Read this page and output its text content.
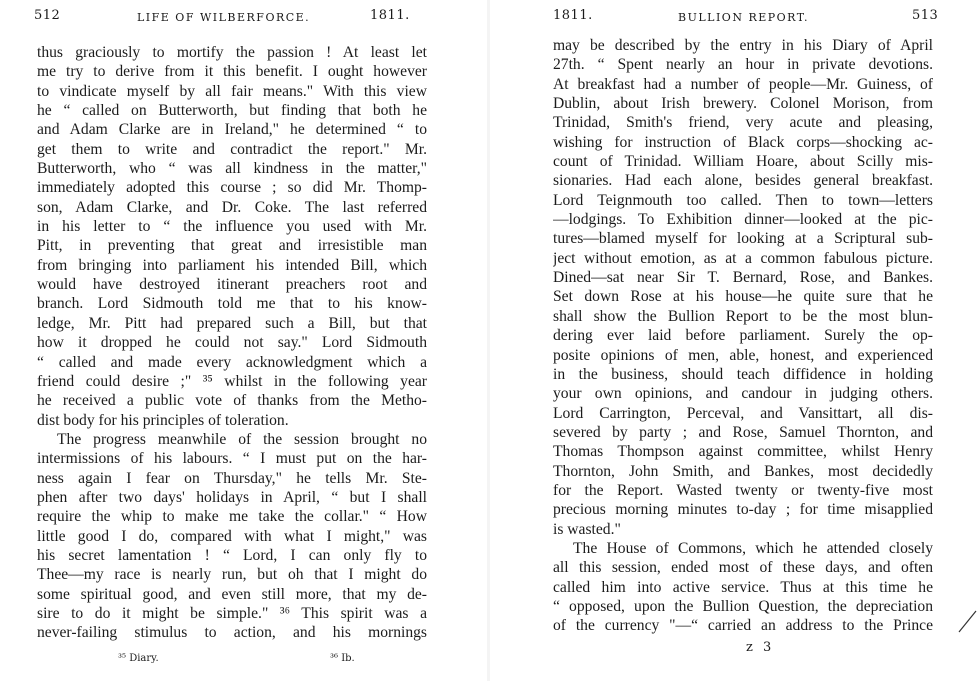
512	LIFE OF WILBERFORCE.	1811.
thus graciously to mortify the passion ! At least let
me try to derive from it this benefit. I ought however
to vindicate myself by all fair means." With this view
he “ called on Butterworth, but finding that both he
and Adam Clarke are in Ireland," he determined “ to
get them to write and contradict the report." Mr.
Butterworth, who “ was all kindness in the matter,"
immediately adopted this course ; so did Mr. Thomp-
son, Adam Clarke, and Dr. Coke. The last referred
in his letter to “ the influence you used with Mr.
Pitt, in preventing that great and irresistible man
from bringing into parliament his intended Bill, which
would have destroyed itinerant preachers root and
branch. Lord Sidmouth told me that to his know-
ledge, Mr. Pitt had prepared such a Bill, but that
how it dropped he could not say." Lord Sidmouth
“ called and made every acknowledgment which a
friend could desire ;" ³⁵ whilst in the following year
he received a public vote of thanks from the Metho-
dist body for his principles of toleration.
The progress meanwhile of the session brought no
intermissions of his labours. “ I must put on the har-
ness again I fear on Thursday," he tells Mr. Ste-
phen after two days' holidays in April, “ but I shall
require the whip to make me take the collar." “ How
little good I do, compared with what I might," was
his secret lamentation ! “ Lord, I can only fly to
Thee—my race is nearly run, but oh that I might do
some spiritual good, and even still more, that my de-
sire to do it might be simple." ³⁶ This spirit was a
never-failing stimulus to action, and his mornings
³⁵ Diary.	³⁶ Ib.
1811.	BULLION REPORT.	513
may be described by the entry in his Diary of April
27th. “ Spent nearly an hour in private devotions.
At breakfast had a number of people—Mr. Guiness, of
Dublin, about Irish brewery. Colonel Morison, from
Trinidad, Smith's friend, very acute and pleasing,
wishing for instruction of Black corps—shocking ac-
count of Trinidad. William Hoare, about Scilly mis-
sionaries. Had each alone, besides general breakfast.
Lord Teignmouth too called. Then to town—letters
—lodgings. To Exhibition dinner—looked at the pic-
tures—blamed myself for looking at a Scriptural sub-
ject without emotion, as at a common fabulous picture.
Dined—sat near Sir T. Bernard, Rose, and Bankes.
Set down Rose at his house—he quite sure that he
shall show the Bullion Report to be the most blun-
dering ever laid before parliament. Surely the op-
posite opinions of men, able, honest, and experienced
in the business, should teach diffidence in holding
your own opinions, and candour in judging others.
Lord Carrington, Perceval, and Vansittart, all dis-
severed by party ; and Rose, Samuel Thornton, and
Thomas Thompson against committee, whilst Henry
Thornton, John Smith, and Bankes, most decidedly
for the Report. Wasted twenty or twenty-five most
precious morning minutes to-day ; for time misapplied
is wasted."
The House of Commons, which he attended closely
all this session, ended most of these days, and often
called him into active service. Thus at this time he
“ opposed, upon the Bullion Question, the depreciation
of the currency "—“ carried an address to the Prince
z 3
